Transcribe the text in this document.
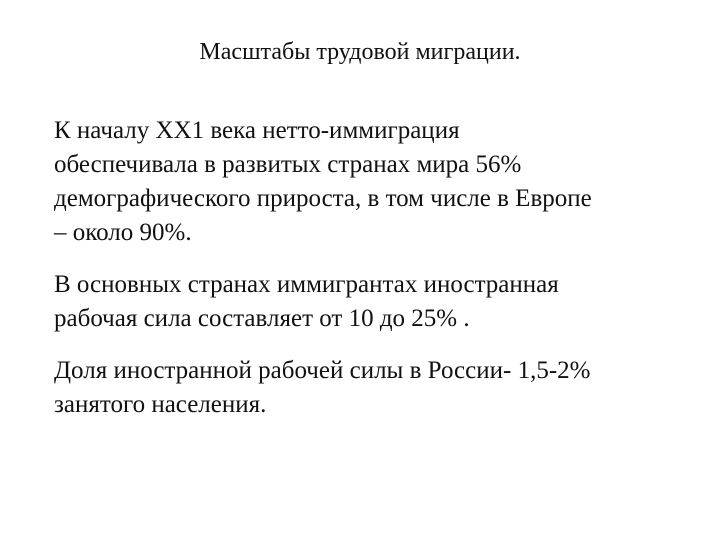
Масштабы трудовой миграции.

К началу XX1 века нетто-иммиграция
обеспечивала в развитых странах мира 56%
демографического прироста, в том числе в Европе
– около 90%.

В основных странах иммигрантах иностранная
рабочая сила составляет от 10 до 25% .

Доля иностранной рабочей силы в России- 1,5-2%
занятого населения.
